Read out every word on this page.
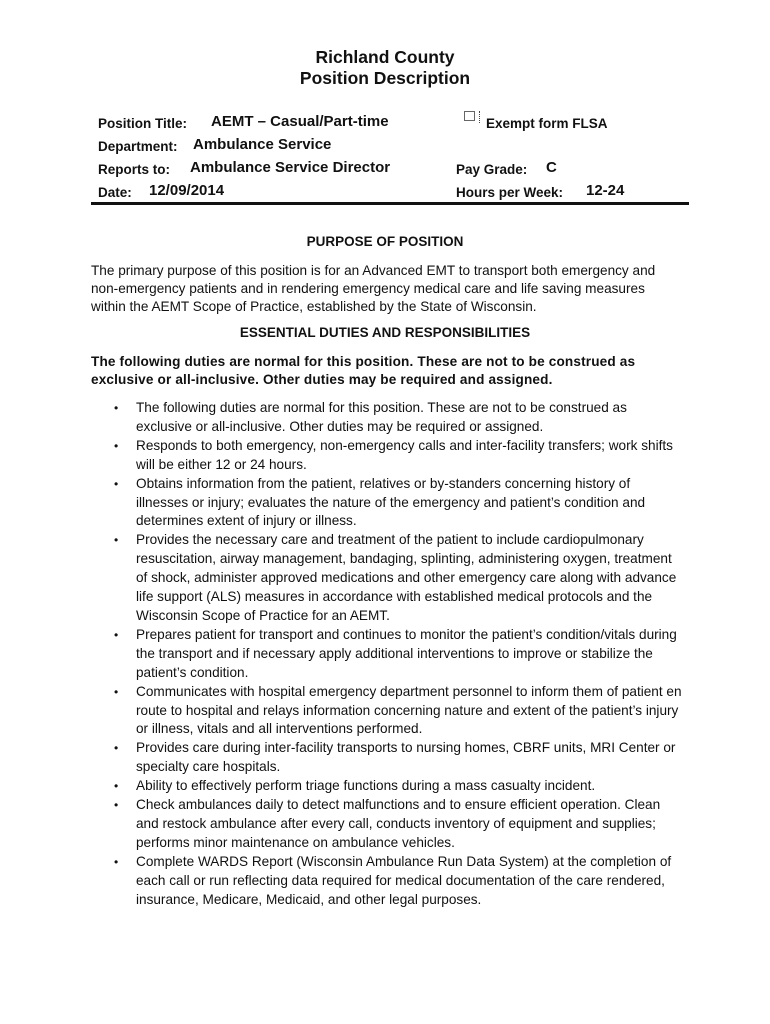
Richland County
Position Description
Position Title: AEMT – Casual/Part-time	Exempt form FLSA
Department: Ambulance Service
Reports to: Ambulance Service Director	Pay Grade: C
Date: 12/09/2014	Hours per Week: 12-24
PURPOSE OF POSITION
The primary purpose of this position is for an Advanced EMT to transport both emergency and
non-emergency patients and in rendering emergency medical care and life saving measures
within the AEMT Scope of Practice, established by the State of Wisconsin.
ESSENTIAL DUTIES AND RESPONSIBILITIES
The following duties are normal for this position. These are not to be construed as
exclusive or all-inclusive. Other duties may be required and assigned.
• The following duties are normal for this position. These are not to be construed as exclusive or all-inclusive. Other duties may be required or assigned.
• Responds to both emergency, non-emergency calls and inter-facility transfers; work shifts will be either 12 or 24 hours.
• Obtains information from the patient, relatives or by-standers concerning history of illnesses or injury; evaluates the nature of the emergency and patient’s condition and determines extent of injury or illness.
• Provides the necessary care and treatment of the patient to include cardiopulmonary resuscitation, airway management, bandaging, splinting, administering oxygen, treatment of shock, administer approved medications and other emergency care along with advance life support (ALS) measures in accordance with established medical protocols and the Wisconsin Scope of Practice for an AEMT.
• Prepares patient for transport and continues to monitor the patient’s condition/vitals during the transport and if necessary apply additional interventions to improve or stabilize the patient’s condition.
• Communicates with hospital emergency department personnel to inform them of patient en route to hospital and relays information concerning nature and extent of the patient’s injury or illness, vitals and all interventions performed.
• Provides care during inter-facility transports to nursing homes, CBRF units, MRI Center or specialty care hospitals.
• Ability to effectively perform triage functions during a mass casualty incident.
• Check ambulances daily to detect malfunctions and to ensure efficient operation. Clean and restock ambulance after every call, conducts inventory of equipment and supplies; performs minor maintenance on ambulance vehicles.
• Complete WARDS Report (Wisconsin Ambulance Run Data System) at the completion of each call or run reflecting data required for medical documentation of the care rendered, insurance, Medicare, Medicaid, and other legal purposes.
